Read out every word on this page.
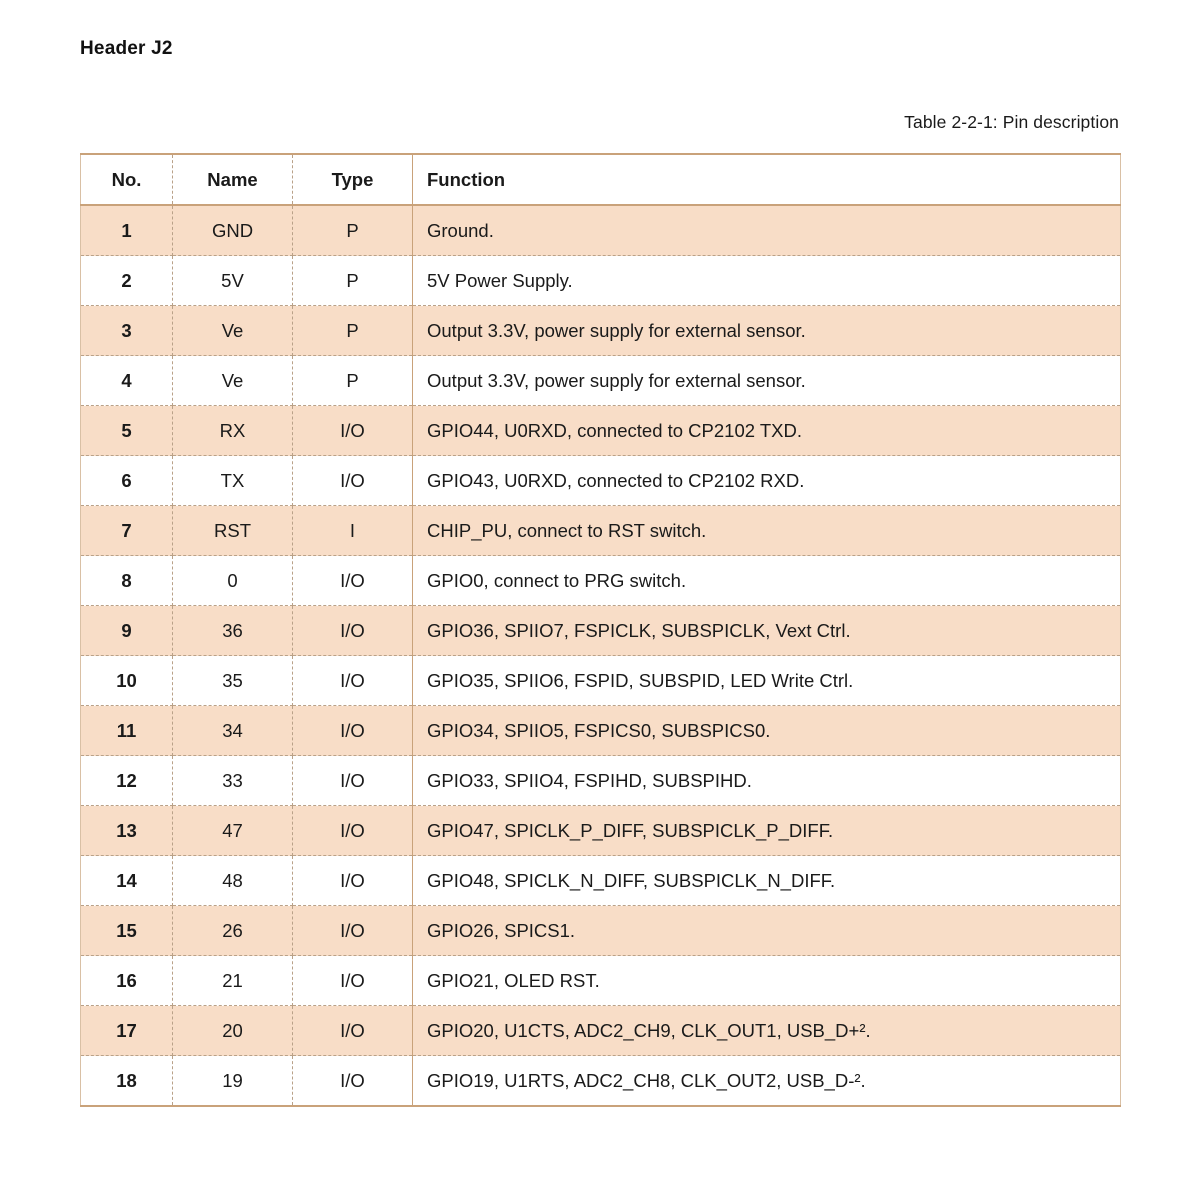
Header J2
Table 2-2-1: Pin description
No.	Name	Type	Function
1	GND	P	Ground.
2	5V	P	5V Power Supply.
3	Ve	P	Output 3.3V, power supply for external sensor.
4	Ve	P	Output 3.3V, power supply for external sensor.
5	RX	I/O	GPIO44, U0RXD, connected to CP2102 TXD.
6	TX	I/O	GPIO43, U0RXD, connected to CP2102 RXD.
7	RST	I	CHIP_PU, connect to RST switch.
8	0	I/O	GPIO0, connect to PRG switch.
9	36	I/O	GPIO36, SPIIO7, FSPICLK, SUBSPICLK, Vext Ctrl.
10	35	I/O	GPIO35, SPIIO6, FSPID, SUBSPID, LED Write Ctrl.
11	34	I/O	GPIO34, SPIIO5, FSPICS0, SUBSPICS0.
12	33	I/O	GPIO33, SPIIO4, FSPIHD, SUBSPIHD.
13	47	I/O	GPIO47, SPICLK_P_DIFF, SUBSPICLK_P_DIFF.
14	48	I/O	GPIO48, SPICLK_N_DIFF, SUBSPICLK_N_DIFF.
15	26	I/O	GPIO26, SPICS1.
16	21	I/O	GPIO21, OLED RST.
17	20	I/O	GPIO20, U1CTS, ADC2_CH9, CLK_OUT1, USB_D+².
18	19	I/O	GPIO19, U1RTS, ADC2_CH8, CLK_OUT2, USB_D-².
